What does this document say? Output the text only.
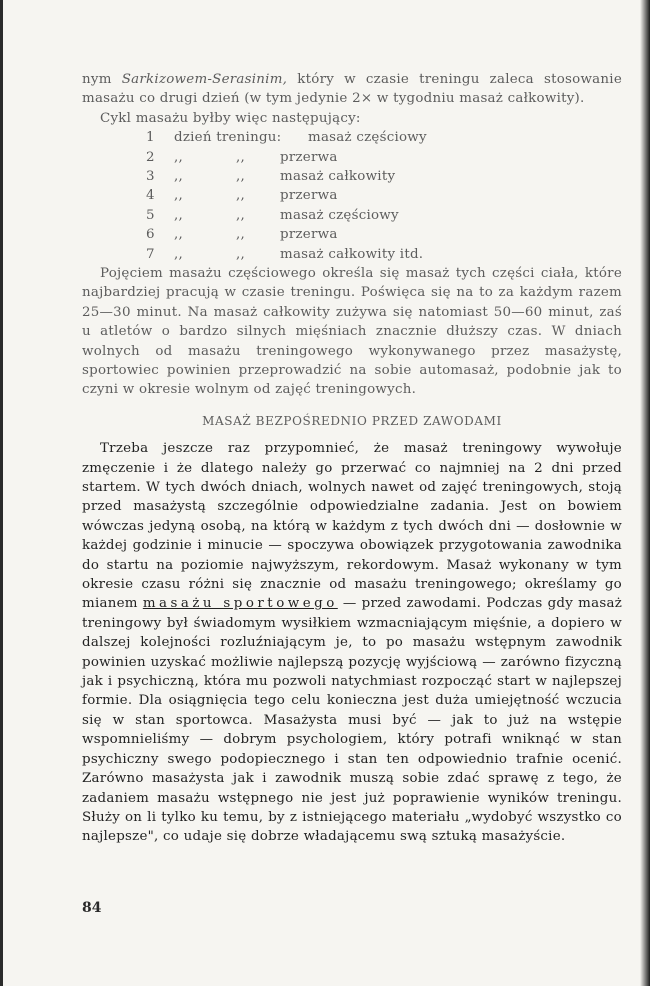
nym Sarkizowem-Serasinim, który w czasie treningu zaleca stosowanie masażu co drugi dzień (w tym jedynie 2× w tygodniu masaż całkowity).

Cykl masażu byłby więc następujący:

1	dzień treningu:	masaż częściowy
2	,,	,,	przerwa
3	,,	,,	masaż całkowity
4	,,	,,	przerwa
5	,,	,,	masaż częściowy
6	,,	,,	przerwa
7	,,	,,	masaż całkowity itd.

Pojęciem masażu częściowego określa się masaż tych części ciała, które najbardziej pracują w czasie treningu. Poświęca się na to za każdym razem 25—30 minut. Na masaż całkowity zużywa się natomiast 50—60 minut, zaś u atletów o bardzo silnych mięśniach znacznie dłuższy czas. W dniach wolnych od masażu treningowego wykonywanego przez masażystę, sportowiec powinien przeprowadzić na sobie automasaż, podobnie jak to czyni w okresie wolnym od zajęć treningowych.

MASAŻ BEZPOŚREDNIO PRZED ZAWODAMI

Trzeba jeszcze raz przypomnieć, że masaż treningowy wywołuje zmęczenie i że dlatego należy go przerwać co najmniej na 2 dni przed startem. W tych dwóch dniach, wolnych nawet od zajęć treningowych, stoją przed masażystą szczególnie odpowiedzialne zadania. Jest on bowiem wówczas jedyną osobą, na którą w każdym z tych dwóch dni — dosłownie w każdej godzinie i minucie — spoczywa obowiązek przygotowania zawodnika do startu na poziomie najwyższym, rekordowym. Masaż wykonany w tym okresie czasu różni się znacznie od masażu treningowego; określamy go mianem masażu sportowego — przed zawodami. Podczas gdy masaż treningowy był świadomym wysiłkiem wzmacniającym mięśnie, a dopiero w dalszej kolejności rozluźniającym je, to po masażu wstępnym zawodnik powinien uzyskać możliwie najlepszą pozycję wyjściową — zarówno fizyczną jak i psychiczną, która mu pozwoli natychmiast rozpocząć start w najlepszej formie. Dla osiągnięcia tego celu konieczna jest duża umiejętność wczucia się w stan sportowca. Masażysta musi być — jak to już na wstępie wspomnieliśmy — dobrym psychologiem, który potrafi wniknąć w stan psychiczny swego podopiecznego i stan ten odpowiednio trafnie ocenić. Zarówno masażysta jak i zawodnik muszą sobie zdać sprawę z tego, że zadaniem masażu wstępnego nie jest już poprawienie wyników treningu. Służy on li tylko ku temu, by z istniejącego materiału „wydobyć wszystko co najlepsze", co udaje się dobrze władającemu swą sztuką masażyście.

84
